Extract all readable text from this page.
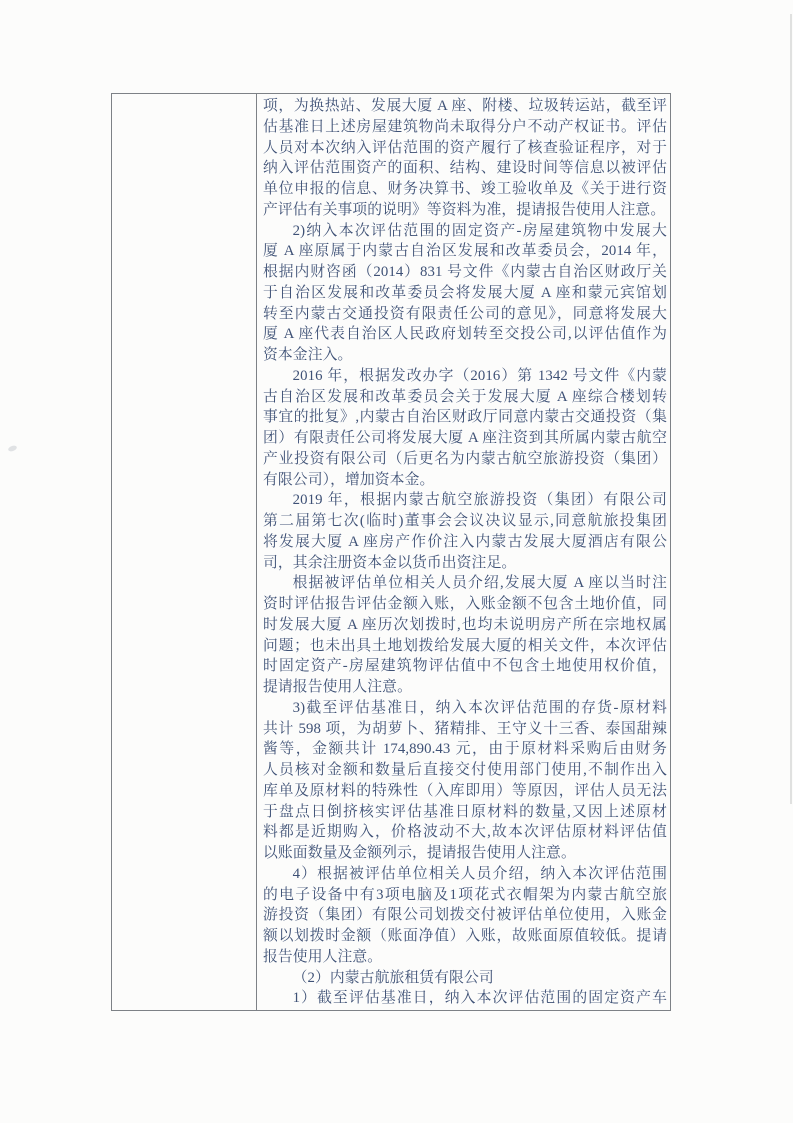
项，为换热站、发展大厦 A 座、附楼、垃圾转运站，截至评
估基准日上述房屋建筑物尚未取得分户不动产权证书。评估
人员对本次纳入评估范围的资产履行了核查验证程序，对于
纳入评估范围资产的面积、结构、建设时间等信息以被评估
单位申报的信息、财务决算书、竣工验收单及《关于进行资
产评估有关事项的说明》等资料为准，提请报告使用人注意。
2)纳入本次评估范围的固定资产-房屋建筑物中发展大
厦 A 座原属于内蒙古自治区发展和改革委员会，2014 年，
根据内财咨函（2014）831 号文件《内蒙古自治区财政厅关
于自治区发展和改革委员会将发展大厦 A 座和蒙元宾馆划
转至内蒙古交通投资有限责任公司的意见》，同意将发展大
厦 A 座代表自治区人民政府划转至交投公司,以评估值作为
资本金注入。
2016 年，根据发改办字（2016）第 1342 号文件《内蒙
古自治区发展和改革委员会关于发展大厦 A 座综合楼划转
事宜的批复》,内蒙古自治区财政厅同意内蒙古交通投资（集
团）有限责任公司将发展大厦 A 座注资到其所属内蒙古航空
产业投资有限公司（后更名为内蒙古航空旅游投资（集团）
有限公司），增加资本金。
2019 年，根据内蒙古航空旅游投资（集团）有限公司
第二届第七次(临时)董事会会议决议显示,同意航旅投集团
将发展大厦 A 座房产作价注入内蒙古发展大厦酒店有限公
司，其余注册资本金以货币出资注足。
根据被评估单位相关人员介绍,发展大厦 A 座以当时注
资时评估报告评估金额入账，入账金额不包含土地价值，同
时发展大厦 A 座历次划拨时,也均未说明房产所在宗地权属
问题；也未出具土地划拨给发展大厦的相关文件，本次评估
时固定资产-房屋建筑物评估值中不包含土地使用权价值，
提请报告使用人注意。
3)截至评估基准日，纳入本次评估范围的存货-原材料
共计 598 项，为胡萝卜、猪精排、王守义十三香、泰国甜辣
酱等，金额共计 174,890.43 元，由于原材料采购后由财务
人员核对金额和数量后直接交付使用部门使用,不制作出入
库单及原材料的特殊性（入库即用）等原因，评估人员无法
于盘点日倒挤核实评估基准日原材料的数量,又因上述原材
料都是近期购入，价格波动不大,故本次评估原材料评估值
以账面数量及金额列示，提请报告使用人注意。
4）根据被评估单位相关人员介绍，纳入本次评估范围
的电子设备中有3项电脑及1项花式衣帽架为内蒙古航空旅
游投资（集团）有限公司划拨交付被评估单位使用，入账金
额以划拨时金额（账面净值）入账，故账面原值较低。提请
报告使用人注意。
（2）内蒙古航旅租赁有限公司
1）截至评估基准日，纳入本次评估范围的固定资产车
